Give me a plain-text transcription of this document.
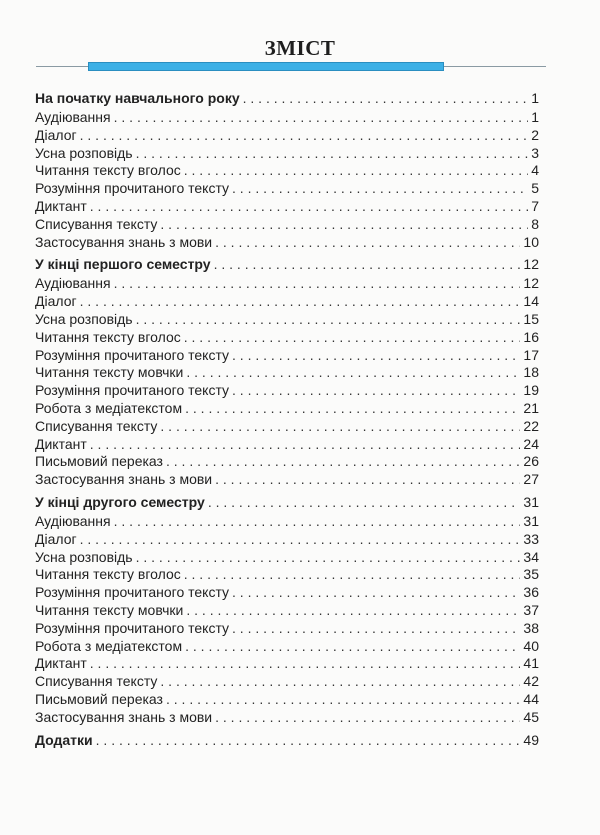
ЗМІСТ
На початку навчального року . . .	1
Аудіювання . . .	1
Діалог . . .	2
Усна розповідь . . .	3
Читання тексту вголос . . .	4
Розуміння прочитаного тексту . . .	5
Диктант . . .	7
Списування тексту . . .	8
Застосування знань з мови . . .	10
У кінці першого семестру . . .	12
Аудіювання . . .	12
Діалог . . .	14
Усна розповідь . . .	15
Читання тексту вголос . . .	16
Розуміння прочитаного тексту . . .	17
Читання тексту мовчки . . .	18
Розуміння прочитаного тексту . . .	19
Робота з медіатекстом . . .	21
Списування тексту . . .	22
Диктант . . .	24
Письмовий переказ . . .	26
Застосування знань з мови . . .	27
У кінці другого семестру . . .	31
Аудіювання . . .	31
Діалог . . .	33
Усна розповідь . . .	34
Читання тексту вголос . . .	35
Розуміння прочитаного тексту . . .	36
Читання тексту мовчки . . .	37
Розуміння прочитаного тексту . . .	38
Робота з медіатекстом . . .	40
Диктант . . .	41
Списування тексту . . .	42
Письмовий переказ . . .	44
Застосування знань з мови . . .	45
Додатки . . .	49
